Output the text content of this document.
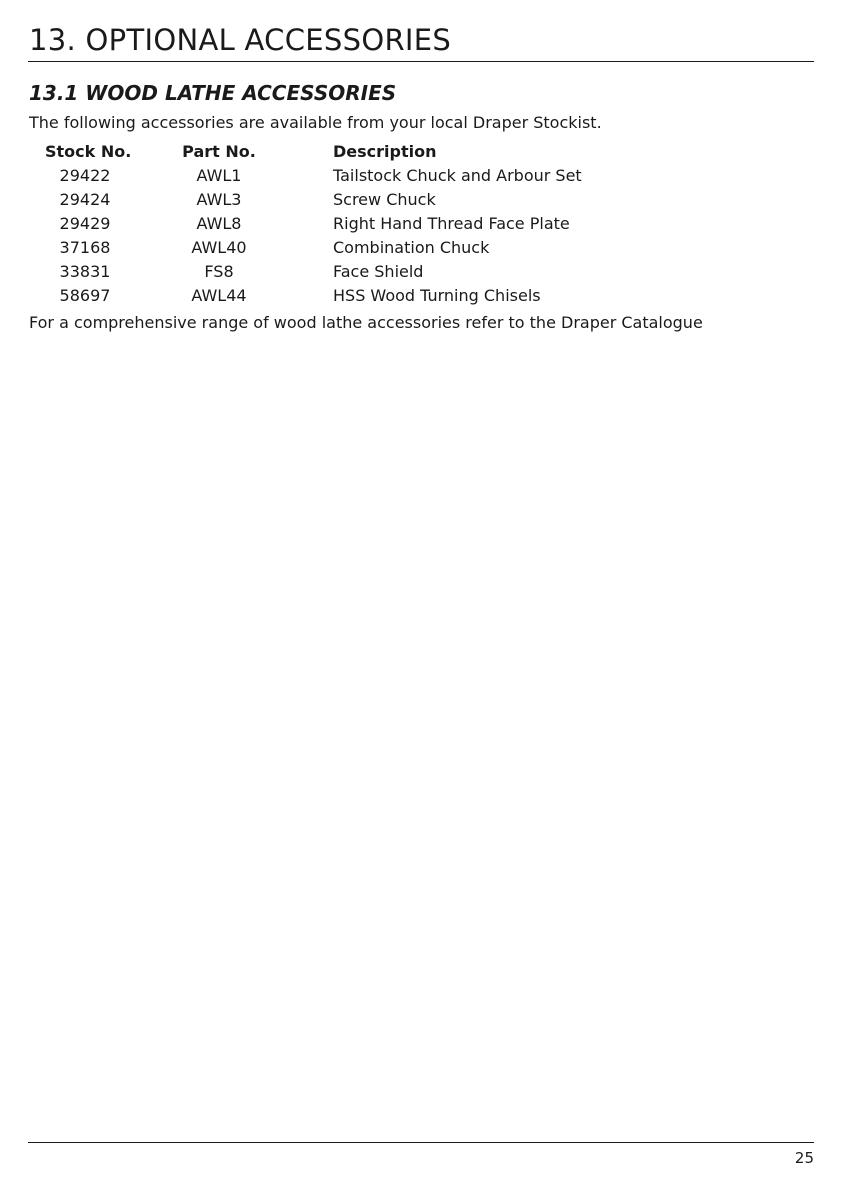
13. OPTIONAL ACCESSORIES
13.1 WOOD LATHE ACCESSORIES
The following accessories are available from your local Draper Stockist.
Stock No.	Part No.	Description
29422	AWL1	Tailstock Chuck and Arbour Set
29424	AWL3	Screw Chuck
29429	AWL8	Right Hand Thread Face Plate
37168	AWL40	Combination Chuck
33831	FS8	Face Shield
58697	AWL44	HSS Wood Turning Chisels
For a comprehensive range of wood lathe accessories refer to the Draper Catalogue
25
